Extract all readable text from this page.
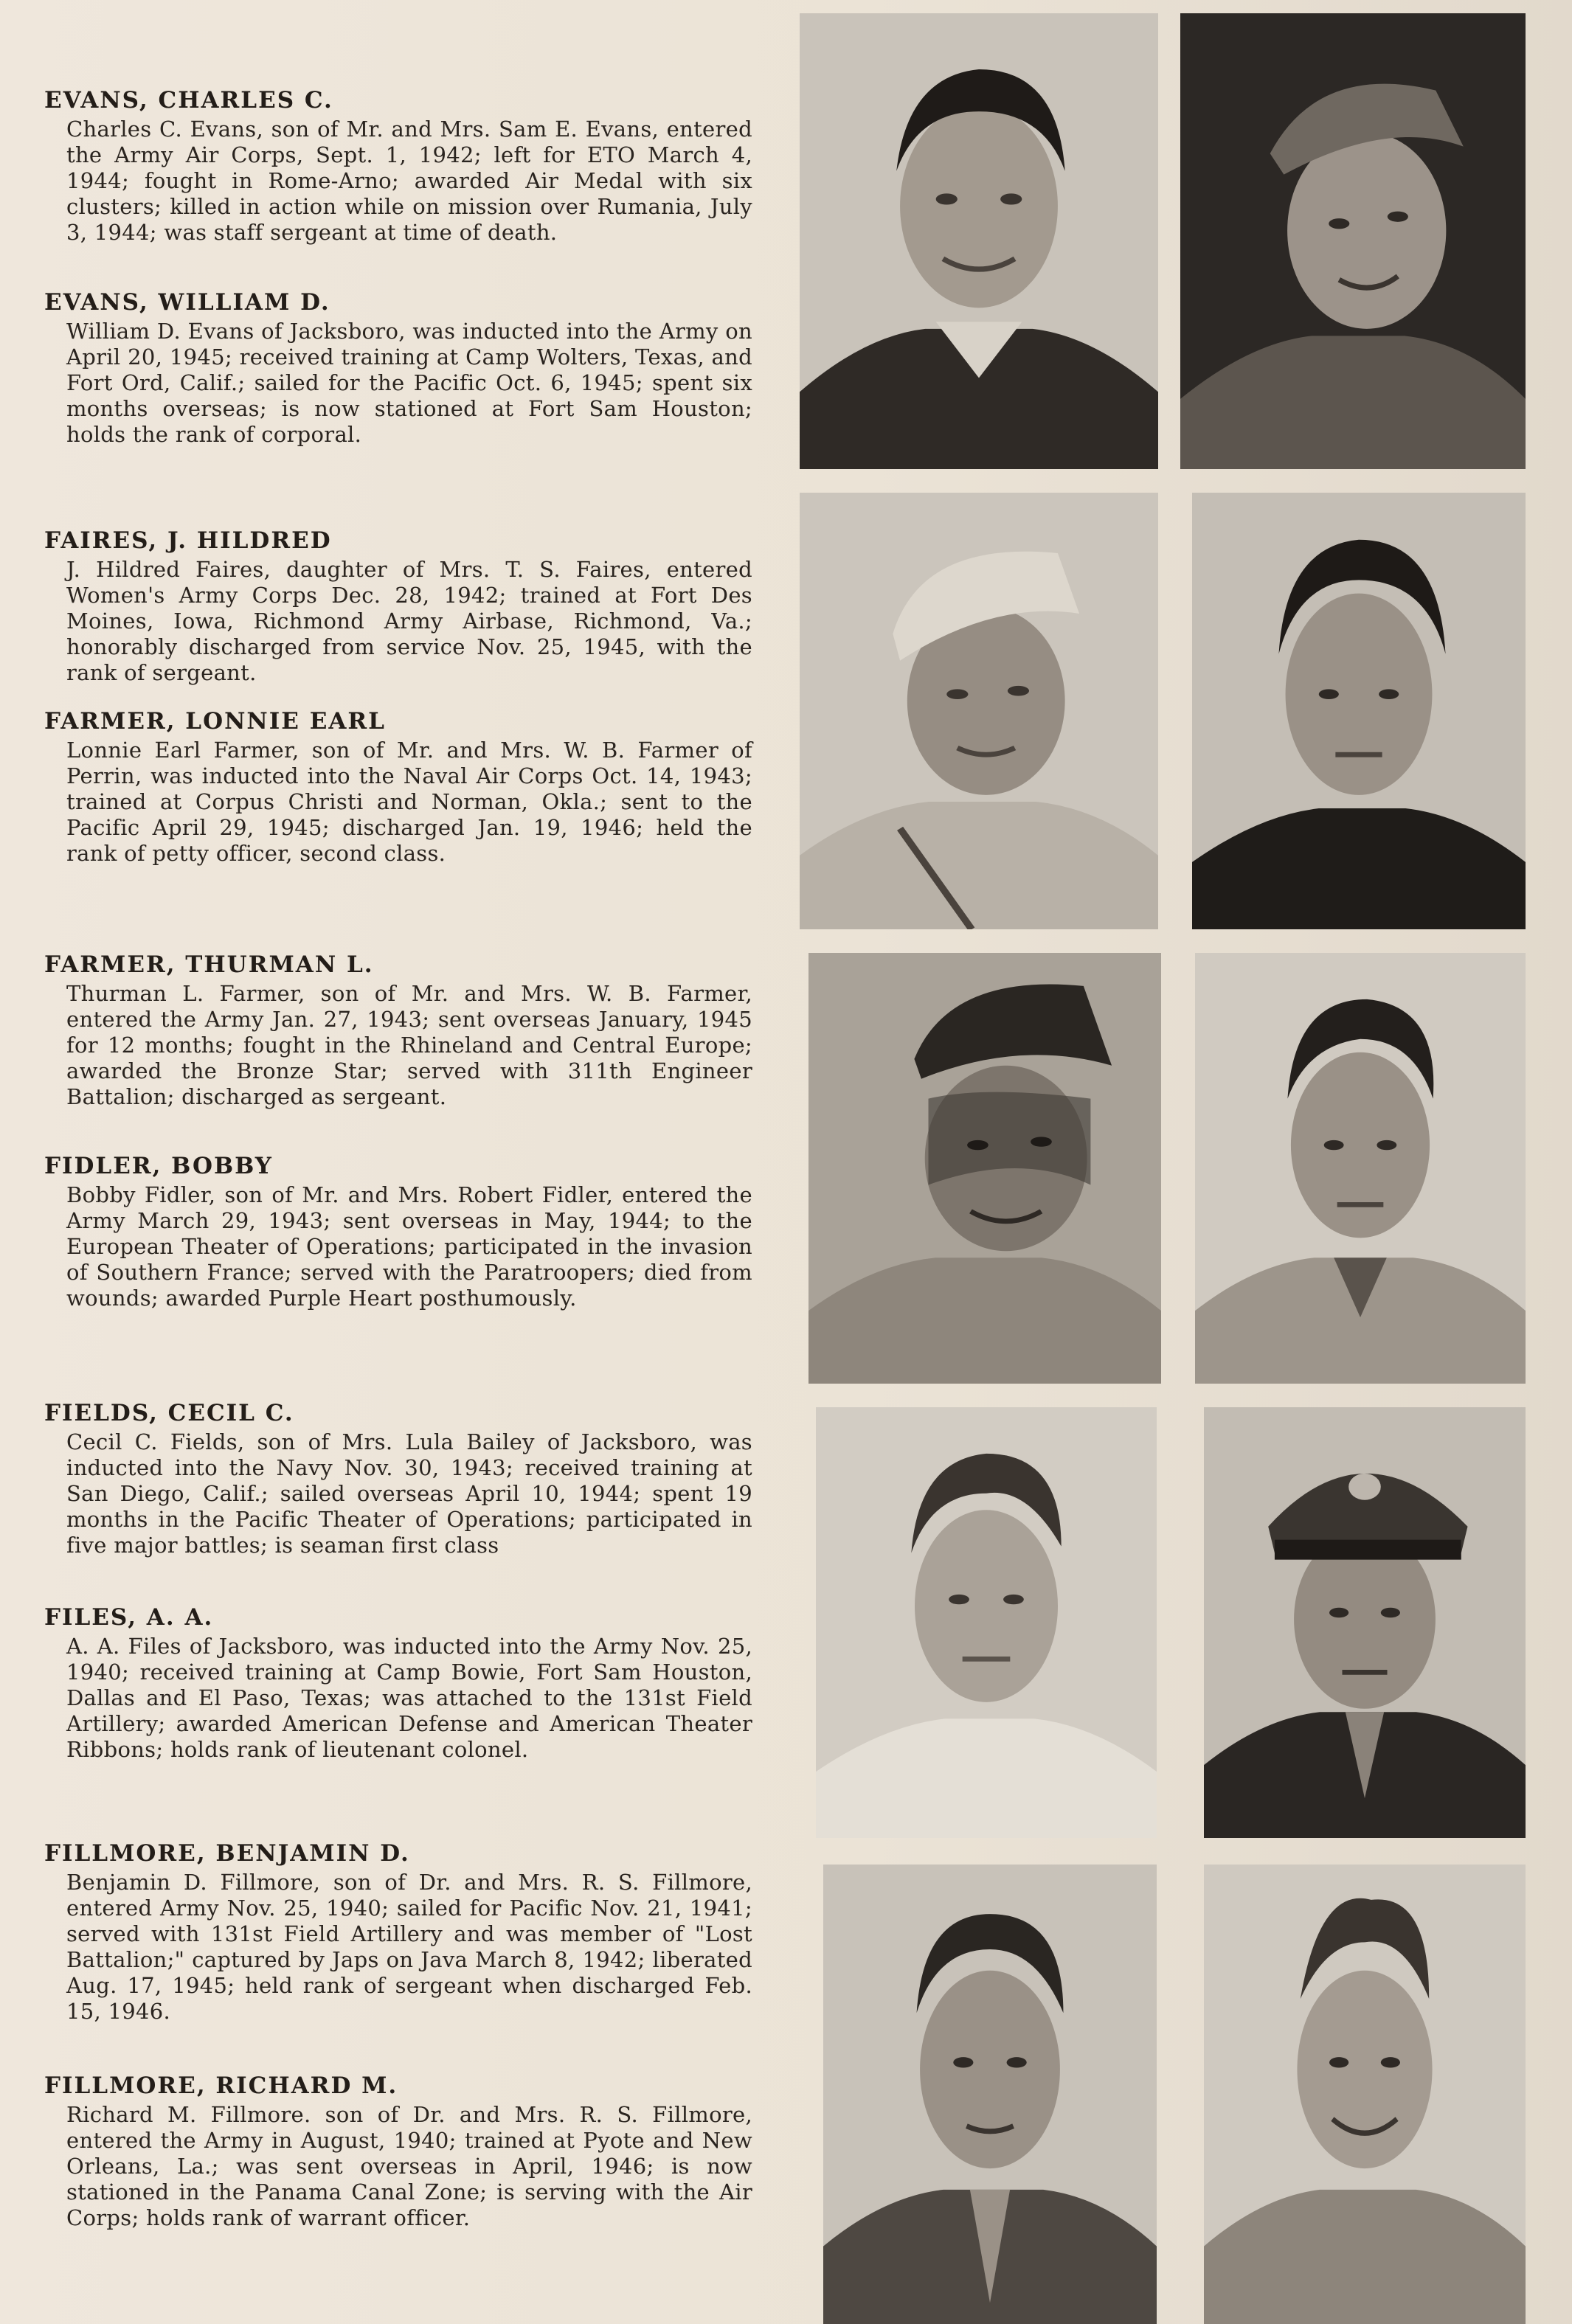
EVANS, CHARLES C.
Charles C. Evans, son of Mr. and Mrs. Sam E. Evans, entered the Army Air Corps, Sept. 1, 1942; left for ETO March 4, 1944; fought in Rome-Arno; awarded Air Medal with six clusters; killed in action while on mission over Rumania, July 3, 1944; was staff sergeant at time of death.
EVANS, WILLIAM D.
William D. Evans of Jacksboro, was inducted into the Army on April 20, 1945; received training at Camp Wolters, Texas, and Fort Ord, Calif.; sailed for the Pacific Oct. 6, 1945; spent six months overseas; is now stationed at Fort Sam Houston; holds the rank of corporal.
FAIRES, J. HILDRED
J. Hildred Faires, daughter of Mrs. T. S. Faires, entered Women's Army Corps Dec. 28, 1942; trained at Fort Des Moines, Iowa, Richmond Army Airbase, Richmond, Va.; honorably discharged from service Nov. 25, 1945, with the rank of sergeant.
FARMER, LONNIE EARL
Lonnie Earl Farmer, son of Mr. and Mrs. W. B. Farmer of Perrin, was inducted into the Naval Air Corps Oct. 14, 1943; trained at Corpus Christi and Norman, Okla.; sent to the Pacific April 29, 1945; discharged Jan. 19, 1946; held the rank of petty officer, second class.
FARMER, THURMAN L.
Thurman L. Farmer, son of Mr. and Mrs. W. B. Farmer, entered the Army Jan. 27, 1943; sent overseas January, 1945 for 12 months; fought in the Rhineland and Central Europe; awarded the Bronze Star; served with 311th Engineer Battalion; discharged as sergeant.
FIDLER, BOBBY
Bobby Fidler, son of Mr. and Mrs. Robert Fidler, entered the Army March 29, 1943; sent overseas in May, 1944; to the European Theater of Operations; participated in the invasion of Southern France; served with the Paratroopers; died from wounds; awarded Purple Heart posthumously.
FIELDS, CECIL C.
Cecil C. Fields, son of Mrs. Lula Bailey of Jacksboro, was inducted into the Navy Nov. 30, 1943; received training at San Diego, Calif.; sailed overseas April 10, 1944; spent 19 months in the Pacific Theater of Operations; participated in five major battles; is seaman first class
FILES, A. A.
A. A. Files of Jacksboro, was inducted into the Army Nov. 25, 1940; received training at Camp Bowie, Fort Sam Houston, Dallas and El Paso, Texas; was attached to the 131st Field Artillery; awarded American Defense and American Theater Ribbons; holds rank of lieutenant colonel.
FILLMORE, BENJAMIN D.
Benjamin D. Fillmore, son of Dr. and Mrs. R. S. Fillmore, entered Army Nov. 25, 1940; sailed for Pacific Nov. 21, 1941; served with 131st Field Artillery and was member of "Lost Battalion;" captured by Japs on Java March 8, 1942; liberated Aug. 17, 1945; held rank of sergeant when discharged Feb. 15, 1946.
FILLMORE, RICHARD M.
Richard M. Fillmore. son of Dr. and Mrs. R. S. Fillmore, entered the Army in August, 1940; trained at Pyote and New Orleans, La.; was sent overseas in April, 1946; is now stationed in the Panama Canal Zone; is serving with the Air Corps; holds rank of warrant officer.
